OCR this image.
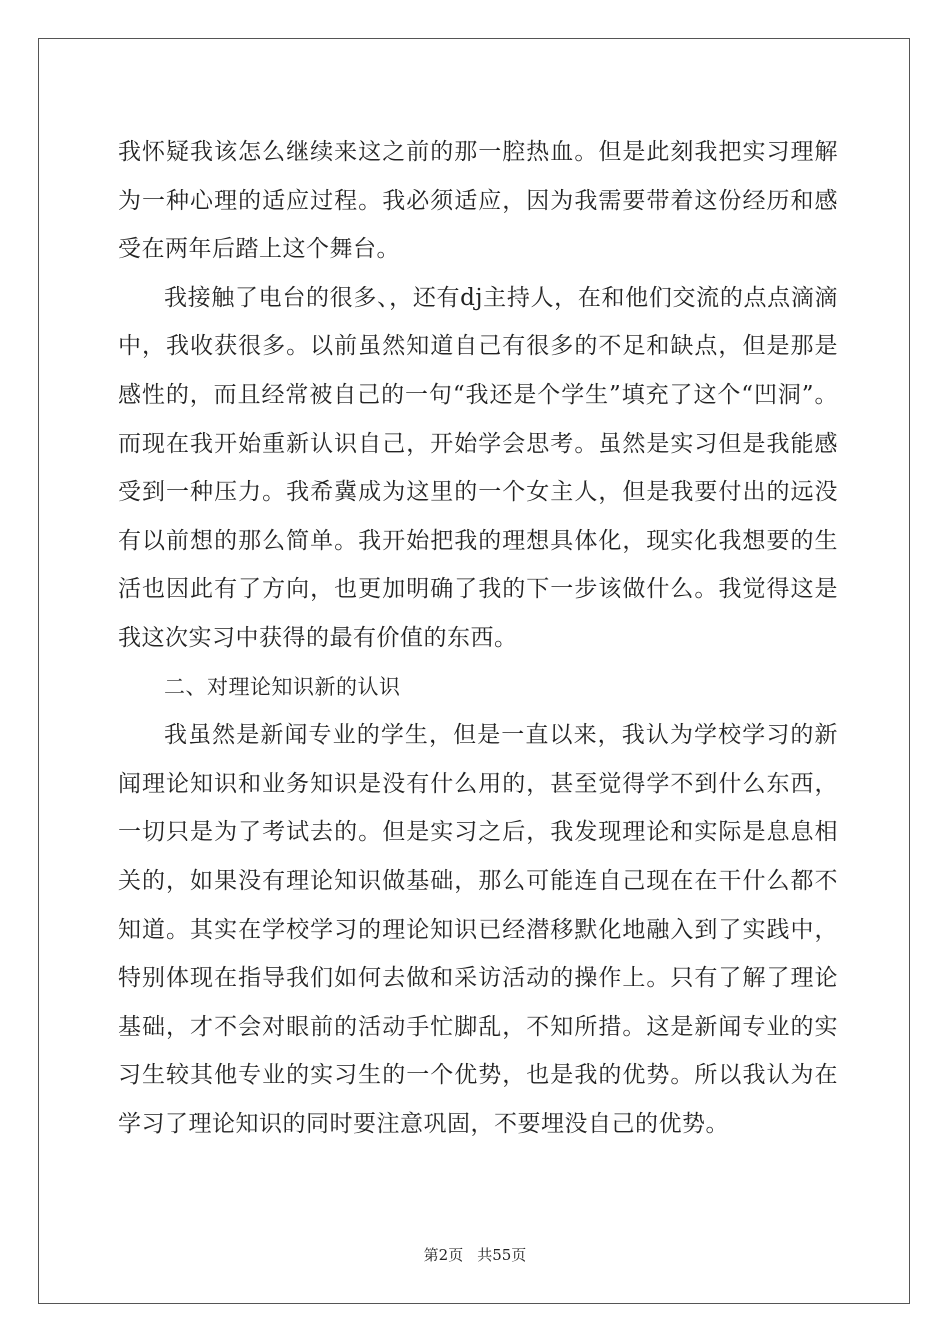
我怀疑我该怎么继续来这之前的那一腔热血。但是此刻我把实习理解为一种心理的适应过程。我必须适应，因为我需要带着这份经历和感受在两年后踏上这个舞台。

我接触了电台的很多、，还有dj主持人，在和他们交流的点点滴滴中，我收获很多。以前虽然知道自己有很多的不足和缺点，但是那是感性的，而且经常被自己的一句“我还是个学生”填充了这个“凹洞”。而现在我开始重新认识自己，开始学会思考。虽然是实习但是我能感受到一种压力。我希冀成为这里的一个女主人，但是我要付出的远没有以前想的那么简单。我开始把我的理想具体化，现实化我想要的生活也因此有了方向，也更加明确了我的下一步该做什么。我觉得这是我这次实习中获得的最有价值的东西。

二、对理论知识新的认识

我虽然是新闻专业的学生，但是一直以来，我认为学校学习的新闻理论知识和业务知识是没有什么用的，甚至觉得学不到什么东西，一切只是为了考试去的。但是实习之后，我发现理论和实际是息息相关的，如果没有理论知识做基础，那么可能连自己现在在干什么都不知道。其实在学校学习的理论知识已经潜移默化地融入到了实践中，特别体现在指导我们如何去做和采访活动的操作上。只有了解了理论基础，才不会对眼前的活动手忙脚乱，不知所措。这是新闻专业的实习生较其他专业的实习生的一个优势，也是我的优势。所以我认为在学习了理论知识的同时要注意巩固，不要埋没自己的优势。

第2页 共55页
